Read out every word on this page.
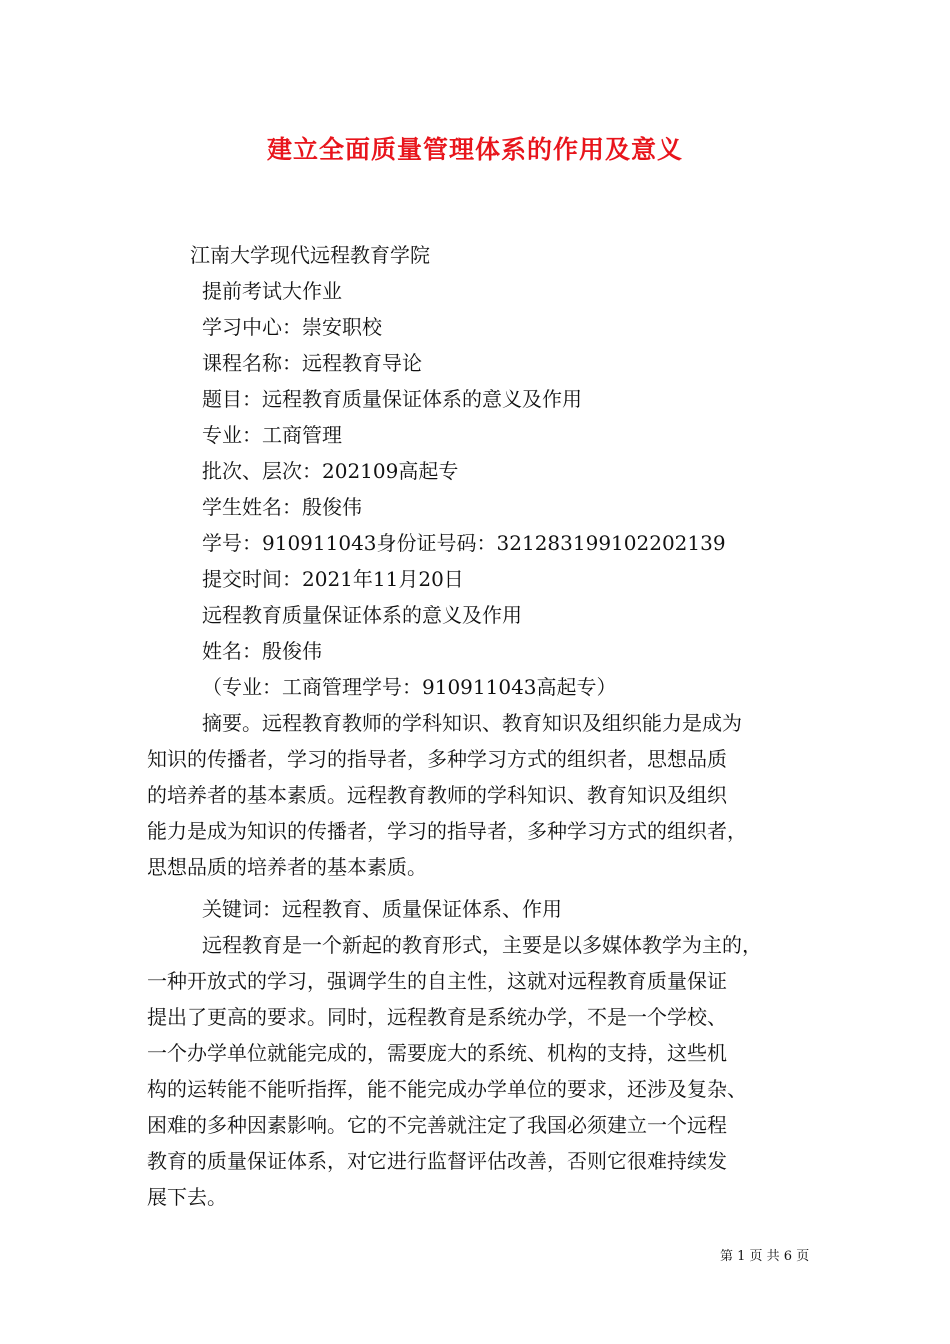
建立全面质量管理体系的作用及意义
江南大学现代远程教育学院
提前考试大作业
学习中心：崇安职校
课程名称：远程教育导论
题目：远程教育质量保证体系的意义及作用
专业：工商管理
批次、层次：202109高起专
学生姓名：殷俊伟
学号：910911043身份证号码：321283199102202139
提交时间：2021年11月20日
远程教育质量保证体系的意义及作用
姓名：殷俊伟
（专业：工商管理学号：910911043高起专）
摘要。远程教育教师的学科知识、教育知识及组织能力是成为
知识的传播者，学习的指导者，多种学习方式的组织者，思想品质
的培养者的基本素质。远程教育教师的学科知识、教育知识及组织
能力是成为知识的传播者，学习的指导者，多种学习方式的组织者，
思想品质的培养者的基本素质。
关键词：远程教育、质量保证体系、作用
远程教育是一个新起的教育形式，主要是以多媒体教学为主的，
一种开放式的学习，强调学生的自主性，这就对远程教育质量保证
提出了更高的要求。同时，远程教育是系统办学，不是一个学校、
一个办学单位就能完成的，需要庞大的系统、机构的支持，这些机
构的运转能不能听指挥，能不能完成办学单位的要求，还涉及复杂、
困难的多种因素影响。它的不完善就注定了我国必须建立一个远程
教育的质量保证体系，对它进行监督评估改善，否则它很难持续发
展下去。
第 1 页 共 6 页
